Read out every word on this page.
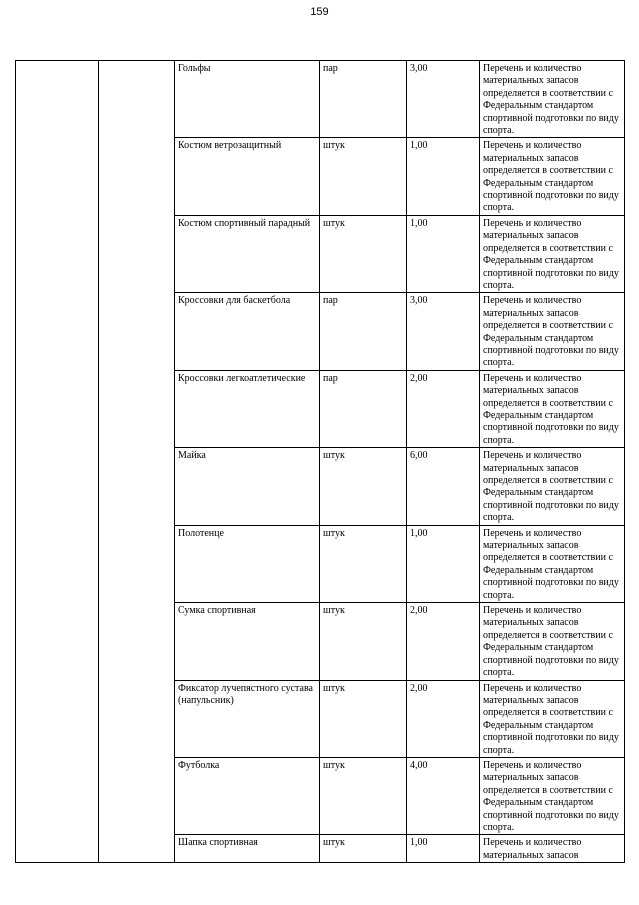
159
		Гольфы	пар	3,00	Перечень и количество материальных запасов определяется в соответствии с Федеральным стандартом спортивной подготовки по виду спорта.
		Костюм ветрозащитный	штук	1,00	Перечень и количество материальных запасов определяется в соответствии с Федеральным стандартом спортивной подготовки по виду спорта.
		Костюм спортивный парадный	штук	1,00	Перечень и количество материальных запасов определяется в соответствии с Федеральным стандартом спортивной подготовки по виду спорта.
		Кроссовки для баскетбола	пар	3,00	Перечень и количество материальных запасов определяется в соответствии с Федеральным стандартом спортивной подготовки по виду спорта.
		Кроссовки легкоатлетические	пар	2,00	Перечень и количество материальных запасов определяется в соответствии с Федеральным стандартом спортивной подготовки по виду спорта.
		Майка	штук	6,00	Перечень и количество материальных запасов определяется в соответствии с Федеральным стандартом спортивной подготовки по виду спорта.
		Полотенце	штук	1,00	Перечень и количество материальных запасов определяется в соответствии с Федеральным стандартом спортивной подготовки по виду спорта.
		Сумка спортивная	штук	2,00	Перечень и количество материальных запасов определяется в соответствии с Федеральным стандартом спортивной подготовки по виду спорта.
		Фиксатор лучепястного сустава (напульсник)	штук	2,00	Перечень и количество материальных запасов определяется в соответствии с Федеральным стандартом спортивной подготовки по виду спорта.
		Футболка	штук	4,00	Перечень и количество материальных запасов определяется в соответствии с Федеральным стандартом спортивной подготовки по виду спорта.
		Шапка спортивная	штук	1,00	Перечень и количество материальных запасов
